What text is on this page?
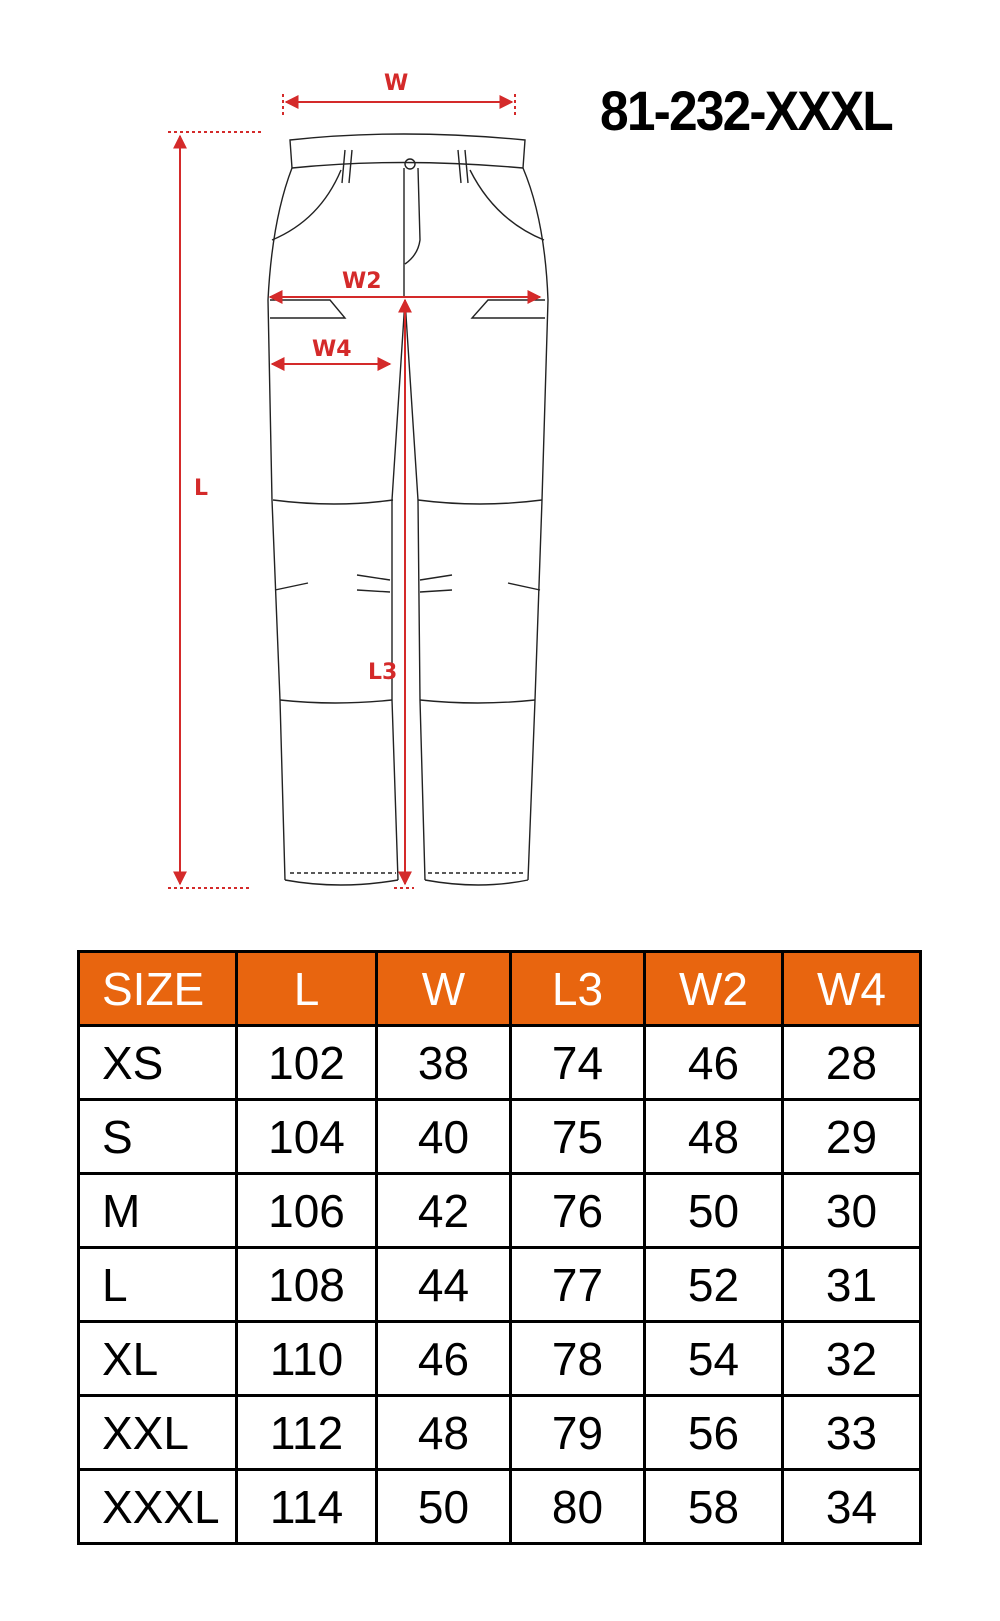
W
W2
W4
L
L3
81-232-XXXL
SIZE	L	W	L3	W2	W4
XS	102	38	74	46	28
S	104	40	75	48	29
M	106	42	76	50	30
L	108	44	77	52	31
XL	110	46	78	54	32
XXL	112	48	79	56	33
XXXL	114	50	80	58	34
